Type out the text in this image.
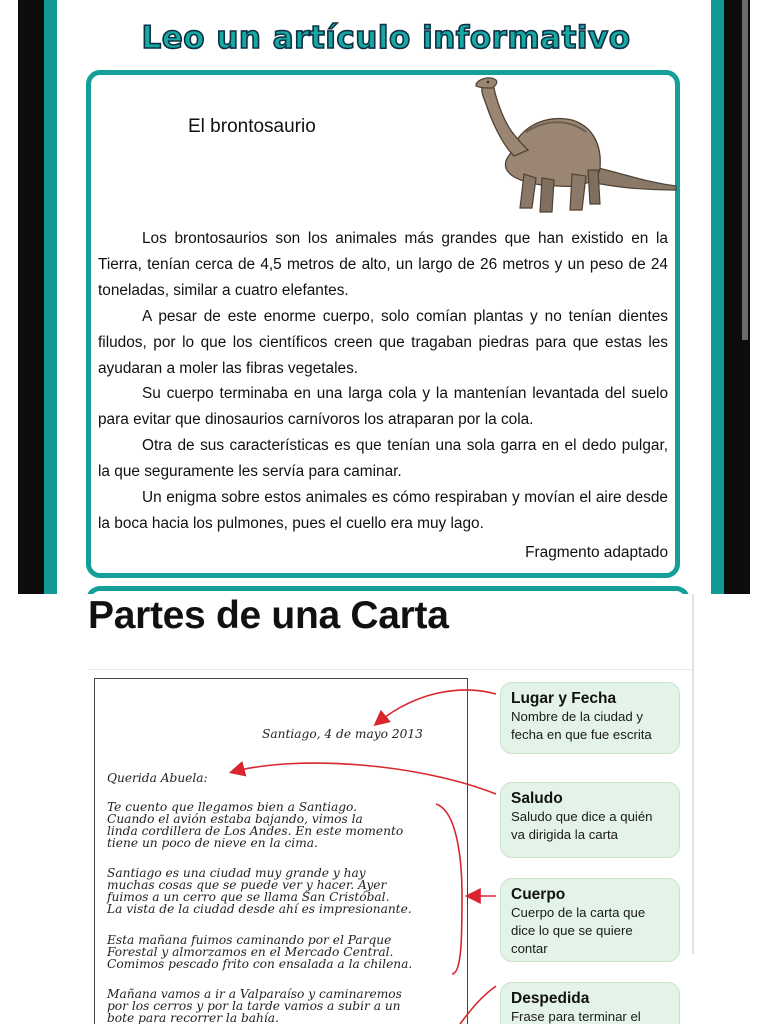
Leo un artículo informativo
El brontosaurio

Los brontosaurios son los animales más grandes que han existido en la Tierra, tenían cerca de 4,5 metros de alto, un largo de 26 metros y un peso de 24 toneladas, similar a cuatro elefantes.

A pesar de este enorme cuerpo, solo comían plantas y no tenían dientes filudos, por lo que los científicos creen que tragaban piedras para que estas les ayudaran a moler las fibras vegetales.

Su cuerpo terminaba en una larga cola y la mantenían levantada del suelo para evitar que dinosaurios carnívoros los atraparan por la cola.

Otra de sus características es que tenían una sola garra en el dedo pulgar, la que seguramente les servía para caminar.

Un enigma sobre estos animales es cómo respiraban y movían el aire desde la boca hacia los pulmones, pues el cuello era muy lago.

Fragmento adaptado
Partes de una Carta
Santiago, 4 de mayo 2013
Querida Abuela:
Te cuento que llegamos bien a Santiago.
Cuando el avión estaba bajando, vimos la
linda cordillera de Los Andes. En este momento
tiene un poco de nieve en la cima.
Santiago es una ciudad muy grande y hay
muchas cosas que se puede ver y hacer. Ayer
fuimos a un cerro que se llama San Cristóbal.
La vista de la ciudad desde ahí es impresionante.
Esta mañana fuimos caminando por el Parque
Forestal y almorzamos en el Mercado Central.
Comimos pescado frito con ensalada a la chilena.
Mañana vamos a ir a Valparaíso y caminaremos
por los cerros y por la tarde vamos a subir a un
bote para recorrer la bahía.
Lugar y Fecha
Nombre de la ciudad y fecha en que fue escrita
Saludo
Saludo que dice a quién va dirigida la carta
Cuerpo
Cuerpo de la carta que dice lo que se quiere contar
Despedida
Frase para terminar el
